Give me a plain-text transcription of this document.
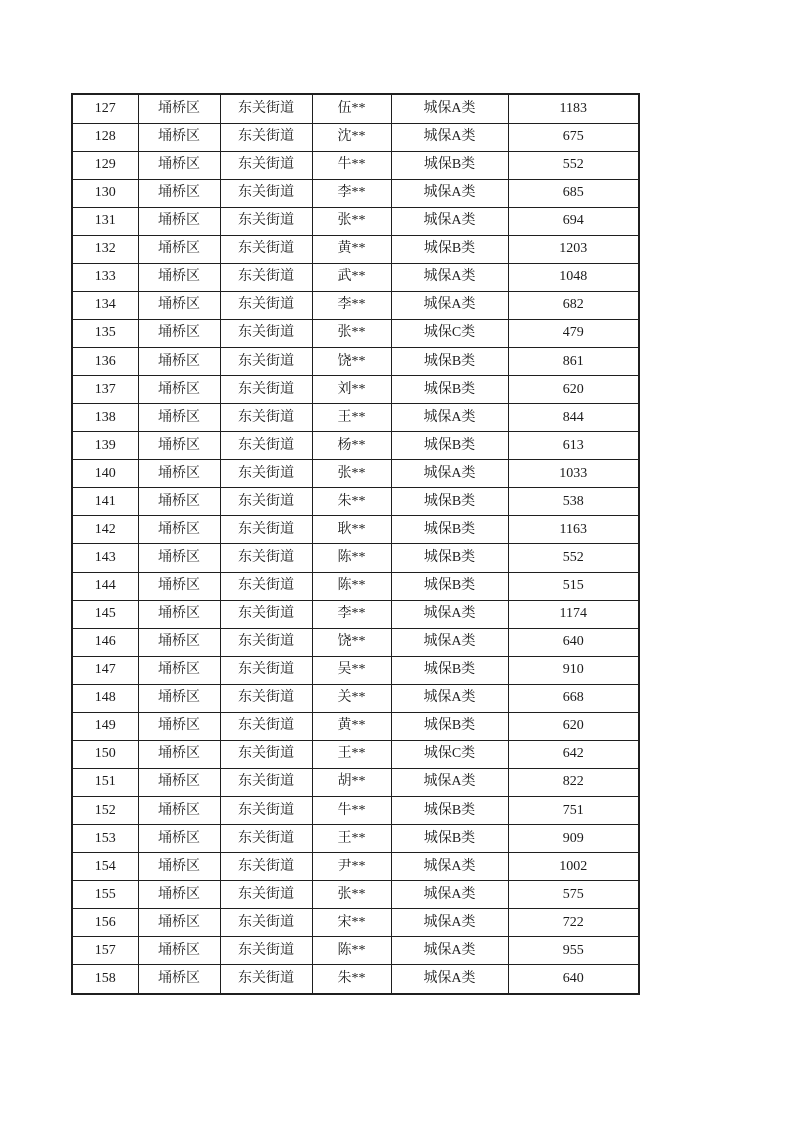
127	埇桥区	东关街道	伍**	城保A类	1183
128	埇桥区	东关街道	沈**	城保A类	675
129	埇桥区	东关街道	牛**	城保B类	552
130	埇桥区	东关街道	李**	城保A类	685
131	埇桥区	东关街道	张**	城保A类	694
132	埇桥区	东关街道	黄**	城保B类	1203
133	埇桥区	东关街道	武**	城保A类	1048
134	埇桥区	东关街道	李**	城保A类	682
135	埇桥区	东关街道	张**	城保C类	479
136	埇桥区	东关街道	饶**	城保B类	861
137	埇桥区	东关街道	刘**	城保B类	620
138	埇桥区	东关街道	王**	城保A类	844
139	埇桥区	东关街道	杨**	城保B类	613
140	埇桥区	东关街道	张**	城保A类	1033
141	埇桥区	东关街道	朱**	城保B类	538
142	埇桥区	东关街道	耿**	城保B类	1163
143	埇桥区	东关街道	陈**	城保B类	552
144	埇桥区	东关街道	陈**	城保B类	515
145	埇桥区	东关街道	李**	城保A类	1174
146	埇桥区	东关街道	饶**	城保A类	640
147	埇桥区	东关街道	吴**	城保B类	910
148	埇桥区	东关街道	关**	城保A类	668
149	埇桥区	东关街道	黄**	城保B类	620
150	埇桥区	东关街道	王**	城保C类	642
151	埇桥区	东关街道	胡**	城保A类	822
152	埇桥区	东关街道	牛**	城保B类	751
153	埇桥区	东关街道	王**	城保B类	909
154	埇桥区	东关街道	尹**	城保A类	1002
155	埇桥区	东关街道	张**	城保A类	575
156	埇桥区	东关街道	宋**	城保A类	722
157	埇桥区	东关街道	陈**	城保A类	955
158	埇桥区	东关街道	朱**	城保A类	640
